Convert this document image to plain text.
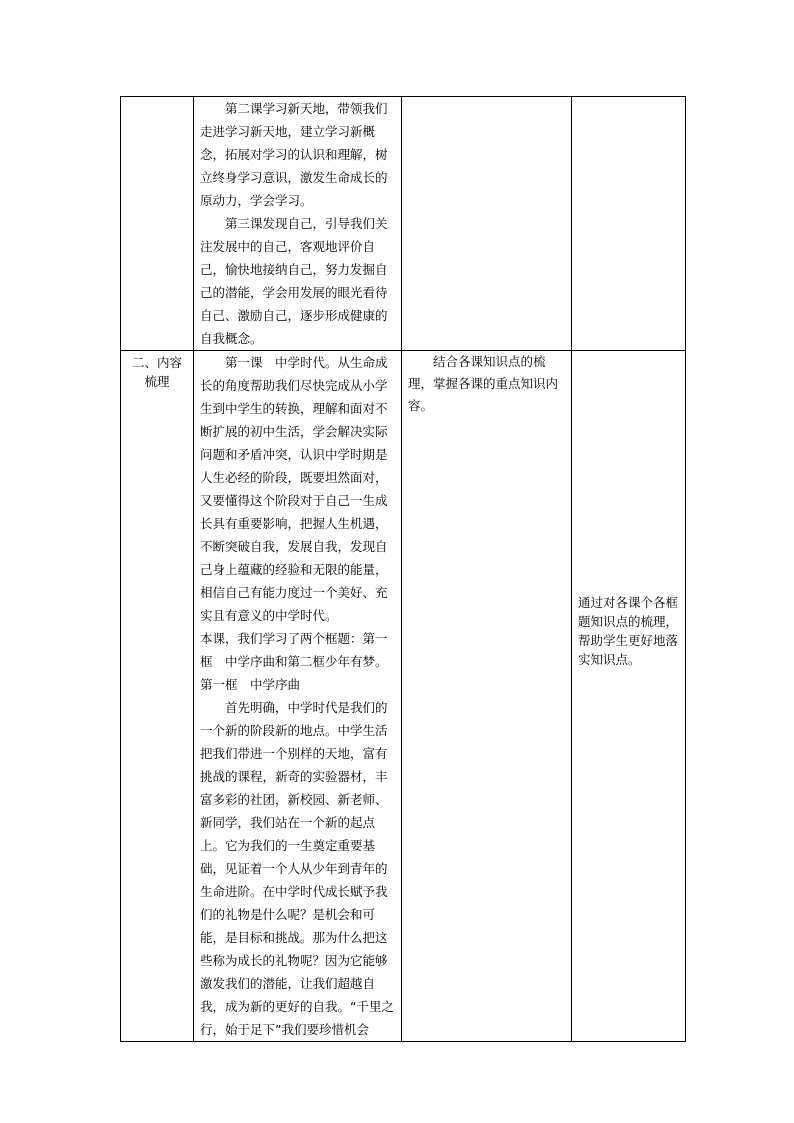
	第二课学习新天地，带领我们走进学习新天地，建立学习新概念，拓展对学习的认识和理解，树立终身学习意识，激发生命成长的原动力，学会学习。

第三课发现自己，引导我们关注发展中的自己，客观地评价自己，愉快地接纳自己，努力发掘自己的潜能，学会用发展的眼光看待自己、激励自己，逐步形成健康的自我概念。		

二、内容梳理	第一课　中学时代。从生命成长的角度帮助我们尽快完成从小学生到中学生的转换，理解和面对不断扩展的初中生活，学会解决实际问题和矛盾冲突，认识中学时期是人生必经的阶段，既要坦然面对，又要懂得这个阶段对于自己一生成长具有重要影响，把握人生机遇，不断突破自我，发展自我，发现自己身上蕴藏的经验和无限的能量，相信自己有能力度过一个美好、充实且有意义的中学时代。

本课，我们学习了两个框题：第一框　中学序曲和第二框少年有梦。第一框　中学序曲

首先明确，中学时代是我们的一个新的阶段新的地点。中学生活把我们带进一个别样的天地，富有挑战的课程，新奇的实验器材，丰富多彩的社团，新校园、新老师、新同学，我们站在一个新的起点上。它为我们的一生奠定重要基础，见证着一个人从少年到青年的生命进阶。在中学时代成长赋予我们的礼物是什么呢？是机会和可能，是目标和挑战。那为什么把这些称为成长的礼物呢？因为它能够激发我们的潜能，让我们超越自我，成为新的更好的自我。“千里之行，始于足下”我们要珍惜机会	结合各课知识点的梳理，掌握各课的重点知识内容。	通过对各课个各框题知识点的梳理，帮助学生更好地落实知识点。
